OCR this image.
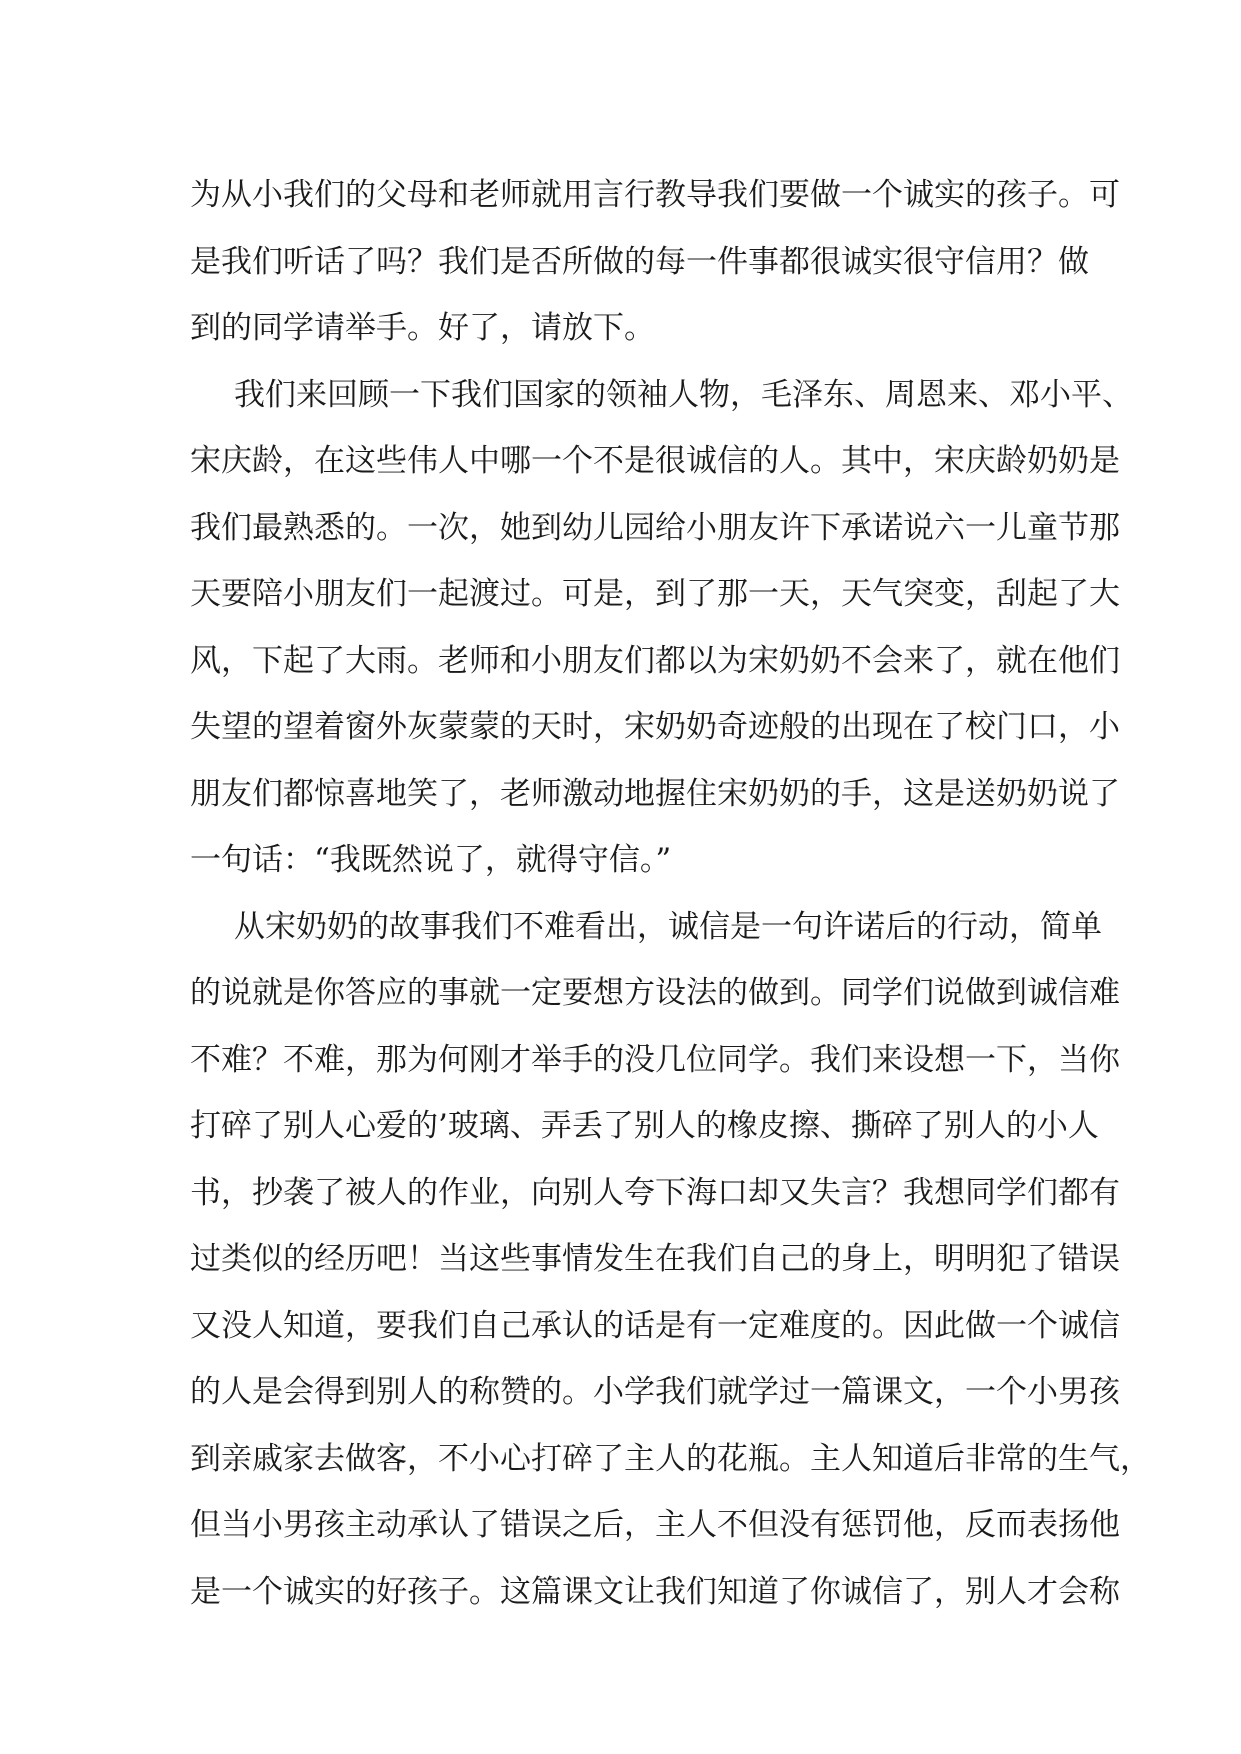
为从小我们的父母和老师就用言行教导我们要做一个诚实的孩子。可
是我们听话了吗？我们是否所做的每一件事都很诚实很守信用？做
到的同学请举手。好了，请放下。
我们来回顾一下我们国家的领袖人物，毛泽东、周恩来、邓小平、
宋庆龄，在这些伟人中哪一个不是很诚信的人。其中，宋庆龄奶奶是
我们最熟悉的。一次，她到幼儿园给小朋友许下承诺说六一儿童节那
天要陪小朋友们一起渡过。可是，到了那一天，天气突变，刮起了大
风，下起了大雨。老师和小朋友们都以为宋奶奶不会来了，就在他们
失望的望着窗外灰蒙蒙的天时，宋奶奶奇迹般的出现在了校门口，小
朋友们都惊喜地笑了，老师激动地握住宋奶奶的手，这是送奶奶说了
一句话：“我既然说了，就得守信。”
从宋奶奶的故事我们不难看出，诚信是一句许诺后的行动，简单
的说就是你答应的事就一定要想方设法的做到。同学们说做到诚信难
不难？不难，那为何刚才举手的没几位同学。我们来设想一下，当你
打碎了别人心爱的’玻璃、弄丢了别人的橡皮擦、撕碎了别人的小人
书，抄袭了被人的作业，向别人夸下海口却又失言？我想同学们都有
过类似的经历吧！当这些事情发生在我们自己的身上，明明犯了错误
又没人知道，要我们自己承认的话是有一定难度的。因此做一个诚信
的人是会得到别人的称赞的。小学我们就学过一篇课文，一个小男孩
到亲戚家去做客，不小心打碎了主人的花瓶。主人知道后非常的生气，
但当小男孩主动承认了错误之后，主人不但没有惩罚他，反而表扬他
是一个诚实的好孩子。这篇课文让我们知道了你诚信了，别人才会称
